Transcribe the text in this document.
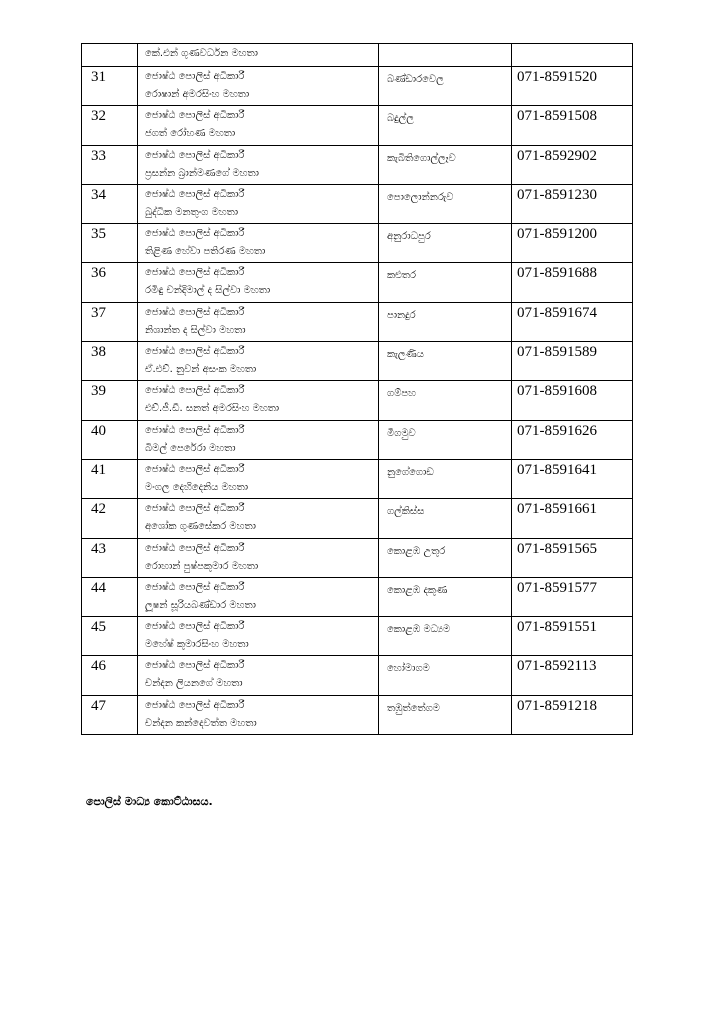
	කේ.එන් ගුණවර්ධන මහතා		

31	ජොෂ්ඨ පොලිස් අධිකාරී
රොෂාන් අමරසිංහ මහතා	බණ්ඩාරවෙල	071-8591520

32	ජොෂ්ඨ පොලිස් අධිකාරී
ජගත් රෝහණ මහතා	බදුල්ල	071-8591508

33	ජොෂ්ඨ පොලිස් අධිකාරී
ප්‍රසන්න බ්‍රාන්මණගේ මහතා	කැබිතිගොල්ලෑව	071-8592902

34	ජොෂ්ඨ පොලිස් අධිකාරී
බුද්ධික මනතුංග මහතා	පොලොන්නරුව	071-8591230

35	ජොෂ්ඨ පොලිස් අධිකාරී
තිළිණ හේවා පතිරණ මහතා	අනුරාධපුර	071-8591200

36	ජොෂ්ඨ පොලිස් අධිකාරී
රමිඳු චන්දිමාල් ද සිල්වා මහතා	කළුතර	071-8591688

37	ජොෂ්ඨ පොලිස් අධිකාරී
නිශාන්ත ද සිල්වා මහතා	පානදුර	071-8591674

38	ජොෂ්ඨ පොලිස් අධිකාරී
ඒ.එච්. නුවන් අසංක මහතා	කැලණිය	071-8591589

39	ජොෂ්ඨ පොලිස් අධිකාරී
එච්.ජී.ඩී. සනත් අමරසිංහ මහතා	ගම්පහ	071-8591608

40	ජොෂ්ඨ පොලිස් අධිකාරී
බිමල් පෙරේරා මහතා	මීගමුව	071-8591626

41	ජොෂ්ඨ පොලිස් අධිකාරී
මංගල දෙහිදෙනිය මහතා	නුගේගොඩ	071-8591641

42	ජොෂ්ඨ පොලිස් අධිකාරී
අශෝක ගුණසේකර මහතා	ගල්කිස්ස	071-8591661

43	ජොෂ්ඨ පොලිස් අධිකාරී
රොහාන් පුෂ්පකුමාර මහතා	කොළඹ උතුර	071-8591565

44	ජොෂ්ඨ පොලිස් අධිකාරී
ලූෂන් සූරියබණ්ඩාර මහතා	කොළඹ දකුණ	071-8591577

45	ජොෂ්ඨ පොලිස් අධිකාරී
මහේෂ් කුමාරසිංහ මහතා	කොළඹ මධ්‍යම	071-8591551

46	ජොෂ්ඨ පොලිස් අධිකාරී
චන්දන ලියනගේ මහතා	හෝමාගම	071-8592113

47	ජොෂ්ඨ පොලිස් අධිකාරී
චන්දන කන්දෙවත්ත මහතා	තඹුත්තේගම	071-8591218
පොලිස් මාධ්‍ය කොට්ඨාසය.
